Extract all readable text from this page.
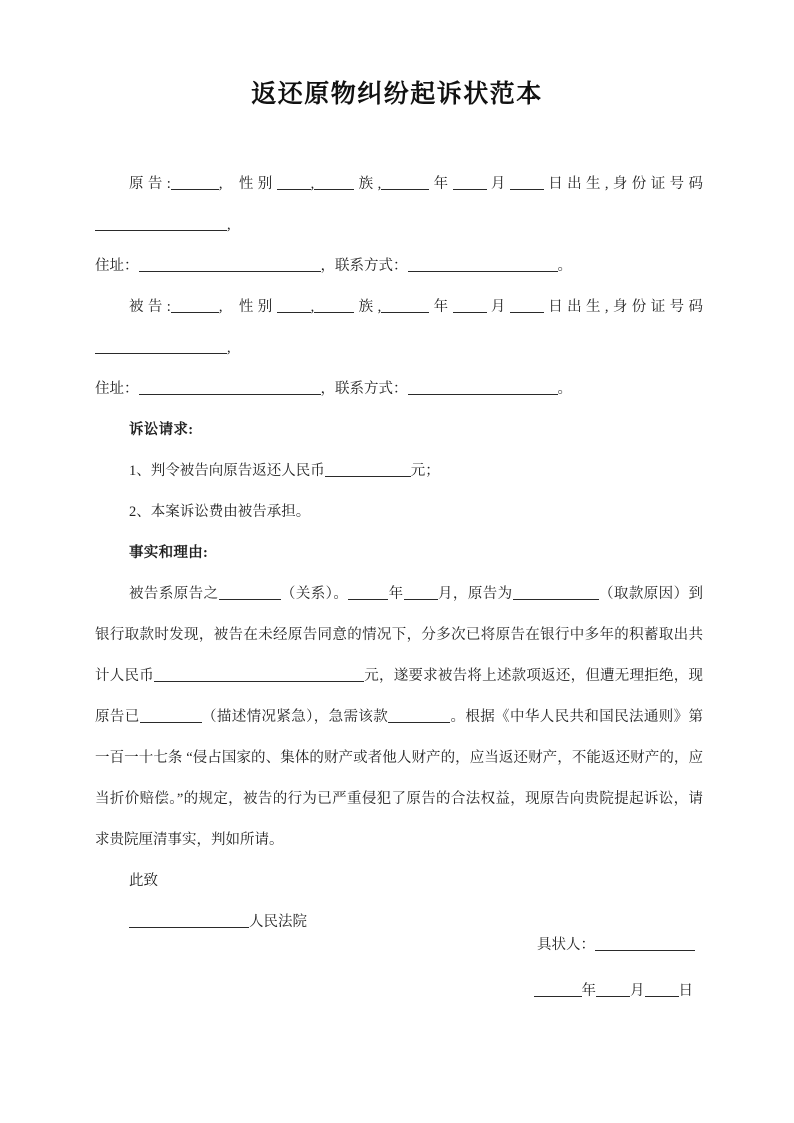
返还原物纠纷起诉状范本

原告:	, 性别 ,	族,	年 月 日出生,身份证号码,

住址：	，联系方式：	。

被告:	, 性别 ,	族,	年 月 日出生,身份证号码,

住址：	，联系方式：	。

诉讼请求:

1、判令被告向原告返还人民币	元；

2、本案诉讼费由被告承担。

事实和理由:

被告系原告之	（关系）。	年 月，原告为	（取款原因）到银行取款时发现，被告在未经原告同意的情况下，分多次已将原告在银行中多年的积蓄取出共计人民币	元，遂要求被告将上述款项返还，但遭无理拒绝，现原告已	（描述情况紧急），急需该款	。根据《中华人民共和国民法通则》第一百一十七条 “侵占国家的、集体的财产或者他人财产的，应当返还财产，不能返还财产的，应当折价赔偿。”的规定，被告的行为已严重侵犯了原告的合法权益，现原告向贵院提起诉讼，请求贵院厘清事实，判如所请。

此致

人民法院

具状人：
年 月 日
